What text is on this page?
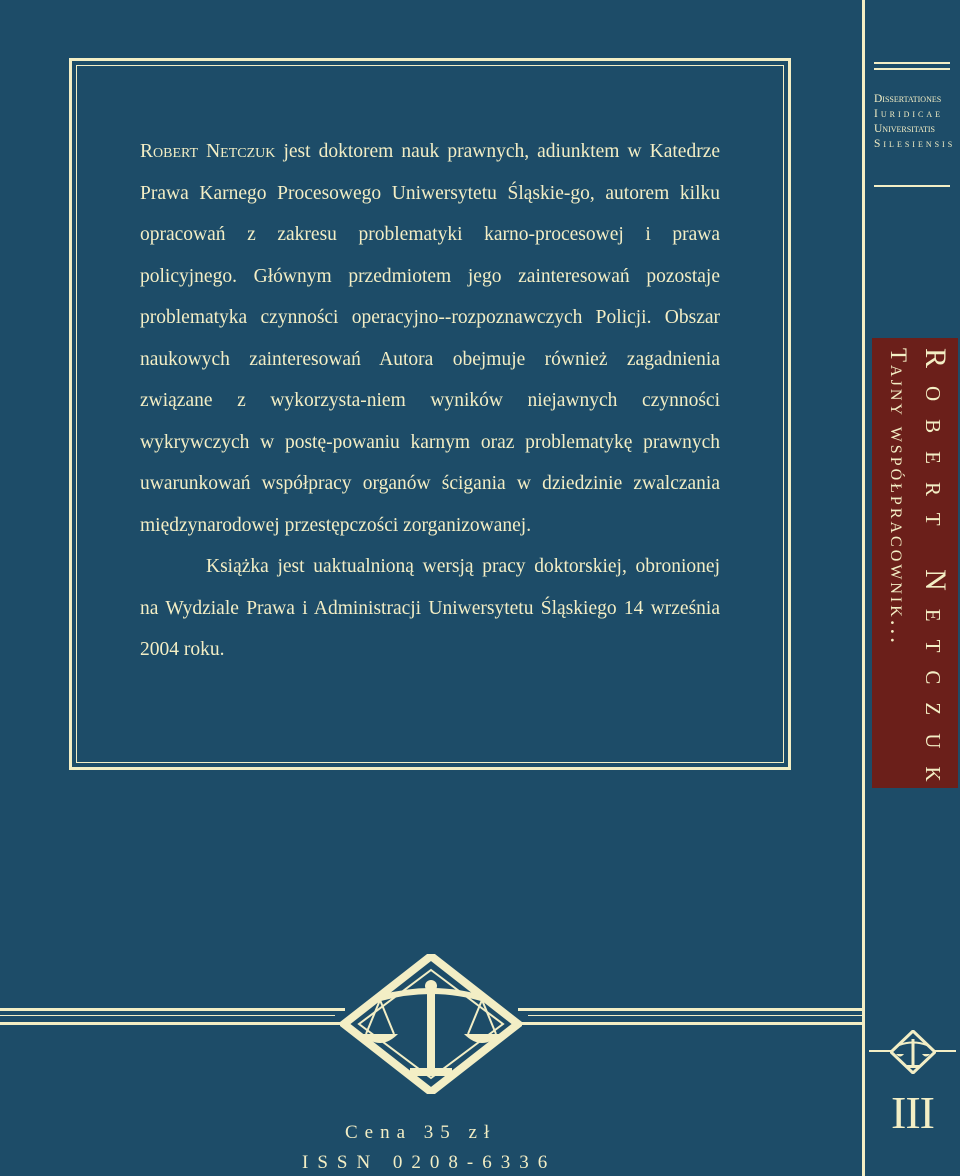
Robert Netczuk jest doktorem nauk prawnych, adiunktem w Katedrze Prawa Karnego Procesowego Uniwersytetu Śląskie-go, autorem kilku opracowań z zakresu problematyki karno-procesowej i prawa policyjnego. Głównym przedmiotem jego zainteresowań pozostaje problematyka czynności operacyjno--rozpoznawczych Policji. Obszar naukowych zainteresowań Autora obejmuje również zagadnienia związane z wykorzysta-niem wyników niejawnych czynności wykrywczych w postę-powaniu karnym oraz problematykę prawnych uwarunkowań współpracy organów ścigania w dziedzinie zwalczania międzynarodowej przestępczości zorganizowanej.

Książka jest uaktualnioną wersją pracy doktorskiej, obronionej na Wydziale Prawa i Administracji Uniwersytetu Śląskiego 14 września 2004 roku.

Cena 35 zł
ISSN 0208-6336
Dissertationes
Iuridicae
Universitatis
Silesiensis
III
Robert Netczuk
Tajny współpracownik...
